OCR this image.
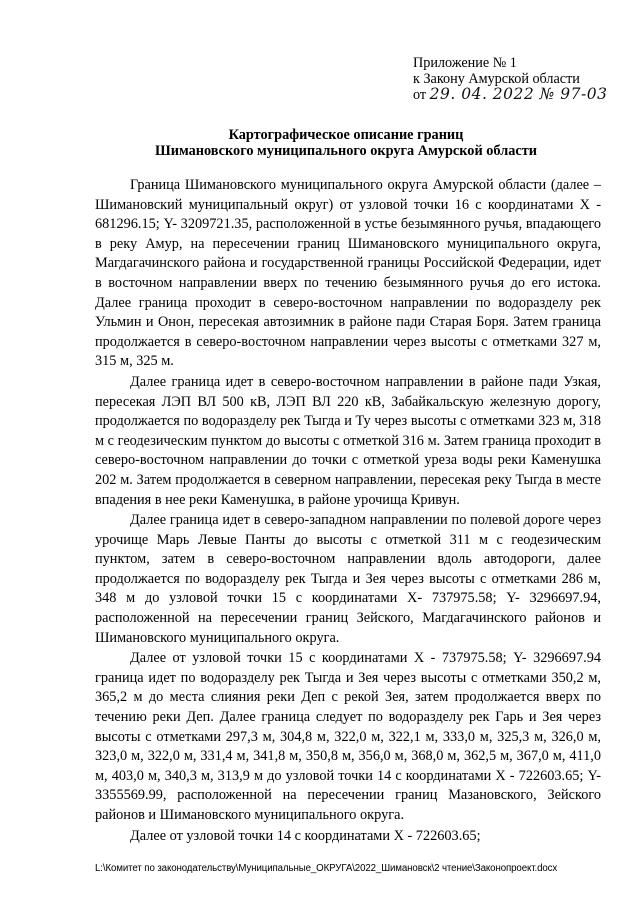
Приложение № 1
к Закону Амурской области
от 29. 04. 2022 № 97-03
Картографическое описание границ
Шимановского муниципального округа Амурской области

Граница Шимановского муниципального округа Амурской области (далее – Шимановский муниципальный округ) от узловой точки 16 с координатами Х - 681296.15; Y- 3209721.35, расположенной в устье безымянного ручья, впадающего в реку Амур, на пересечении границ Шимановского муниципального округа, Магдагачинского района и государственной границы Российской Федерации, идет в восточном направлении вверх по течению безымянного ручья до его истока. Далее граница проходит в северо-восточном направлении по водоразделу рек Ульмин и Онон, пересекая автозимник в районе пади Старая Боря. Затем граница продолжается в северо-восточном направлении через высоты с отметками 327 м, 315 м, 325 м.

Далее граница идет в северо-восточном направлении в районе пади Узкая, пересекая ЛЭП ВЛ 500 кВ, ЛЭП ВЛ 220 кВ, Забайкальскую железную дорогу, продолжается по водоразделу рек Тыгда и Ту через высоты с отметками 323 м, 318 м с геодезическим пунктом до высоты с отметкой 316 м. Затем граница проходит в северо-восточном направлении до точки с отметкой уреза воды реки Каменушка 202 м. Затем продолжается в северном направлении, пересекая реку Тыгда в месте впадения в нее реки Каменушка, в районе урочища Кривун.

Далее граница идет в северо-западном направлении по полевой дороге через урочище Марь Левые Панты до высоты с отметкой 311 м с геодезическим пунктом, затем в северо-восточном направлении вдоль автодороги, далее продолжается по водоразделу рек Тыгда и Зея через высоты с отметками 286 м, 348 м до узловой точки 15 с координатами Х- 737975.58; Y- 3296697.94, расположенной на пересечении границ Зейского, Магдагачинского районов и Шимановского муниципального округа.

Далее от узловой точки 15 с координатами Х - 737975.58; Y- 3296697.94 граница идет по водоразделу рек Тыгда и Зея через высоты с отметками 350,2 м, 365,2 м до места слияния реки Деп с рекой Зея, затем продолжается вверх по течению реки Деп. Далее граница следует по водоразделу рек Гарь и Зея через высоты с отметками 297,3 м, 304,8 м, 322,0 м, 322,1 м, 333,0 м, 325,3 м, 326,0 м, 323,0 м, 322,0 м, 331,4 м, 341,8 м, 350,8 м, 356,0 м, 368,0 м, 362,5 м, 367,0 м, 411,0 м, 403,0 м, 340,3 м, 313,9 м до узловой точки 14 с координатами Х - 722603.65; Y- 3355569.99, расположенной на пересечении границ Мазановского, Зейского районов и Шимановского муниципального округа.

Далее от узловой точки 14 с координатами Х - 722603.65;

L:\Комитет по законодательству\Муниципальные_ОКРУГА\2022_Шимановск\2 чтение\Законопроект.docx
